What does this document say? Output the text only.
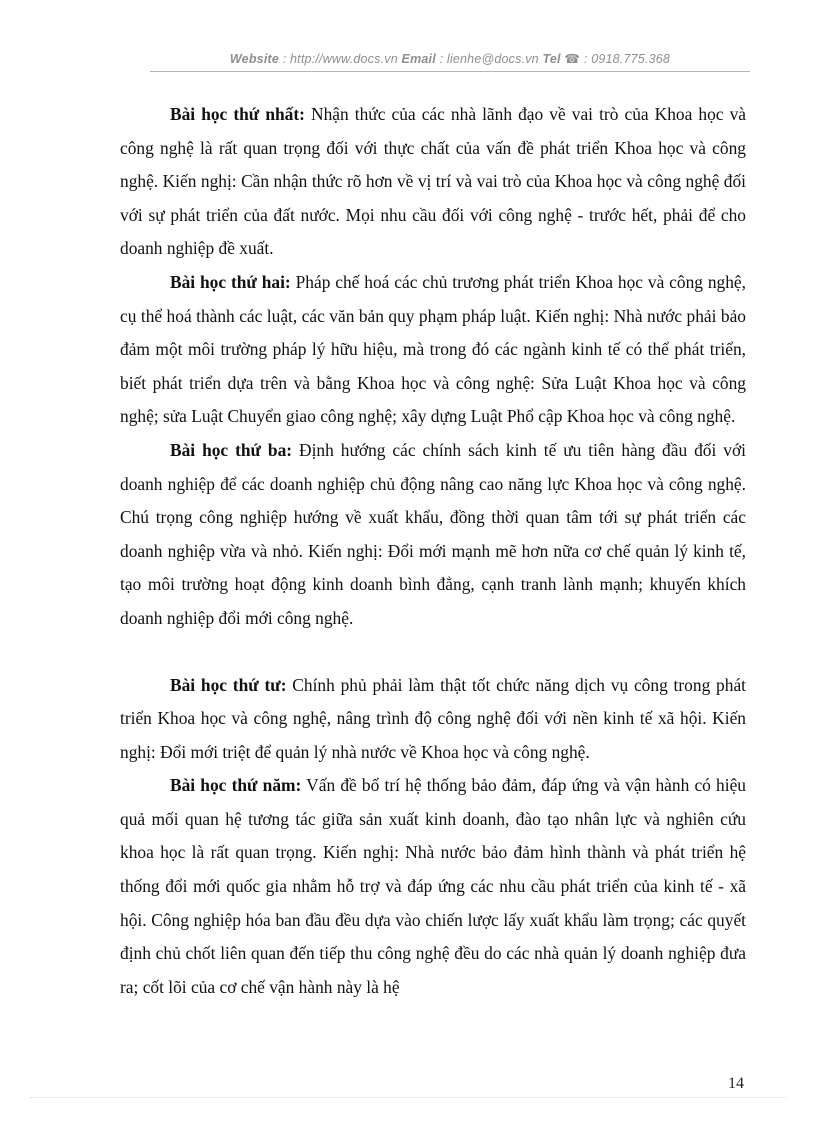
Website : http://www.docs.vn Email : lienhe@docs.vn Tel ☎ : 0918.775.368

Bài học thứ nhất: Nhận thức của các nhà lãnh đạo về vai trò của Khoa học và công nghệ là rất quan trọng đối với thực chất của vấn đề phát triển Khoa học và công nghệ. Kiến nghị: Cần nhận thức rõ hơn về vị trí và vai trò của Khoa học và công nghệ đối với sự phát triển của đất nước. Mọi nhu cầu đối với công nghệ - trước hết, phải để cho doanh nghiệp đề xuất.

Bài học thứ hai: Pháp chế hoá các chủ trương phát triển Khoa học và công nghệ, cụ thể hoá thành các luật, các văn bản quy phạm pháp luật. Kiến nghị: Nhà nước phải bảo đảm một môi trường pháp lý hữu hiệu, mà trong đó các ngành kinh tế có thể phát triển, biết phát triển dựa trên và bằng Khoa học và công nghệ: Sửa Luật Khoa học và công nghệ; sửa Luật Chuyển giao công nghệ; xây dựng Luật Phổ cập Khoa học và công nghệ.

Bài học thứ ba: Định hướng các chính sách kinh tế ưu tiên hàng đầu đối với doanh nghiệp để các doanh nghiệp chủ động nâng cao năng lực Khoa học và công nghệ. Chú trọng công nghiệp hướng về xuất khẩu, đồng thời quan tâm tới sự phát triển các doanh nghiệp vừa và nhỏ. Kiến nghị: Đổi mới mạnh mẽ hơn nữa cơ chế quản lý kinh tế, tạo môi trường hoạt động kinh doanh bình đẳng, cạnh tranh lành mạnh; khuyến khích doanh nghiệp đổi mới công nghệ.

Bài học thứ tư: Chính phủ phải làm thật tốt chức năng dịch vụ công trong phát triển Khoa học và công nghệ, nâng trình độ công nghệ đối với nền kinh tế xã hội. Kiến nghị: Đổi mới triệt để quản lý nhà nước về Khoa học và công nghệ.

Bài học thứ năm: Vấn đề bố trí hệ thống bảo đảm, đáp ứng và vận hành có hiệu quả mối quan hệ tương tác giữa sản xuất kinh doanh, đào tạo nhân lực và nghiên cứu khoa học là rất quan trọng. Kiến nghị: Nhà nước bảo đảm hình thành và phát triển hệ thống đổi mới quốc gia nhằm hỗ trợ và đáp ứng các nhu cầu phát triển của kinh tế - xã hội. Công nghiệp hóa ban đầu đều dựa vào chiến lược lấy xuất khẩu làm trọng; các quyết định chủ chốt liên quan đến tiếp thu công nghệ đều do các nhà quản lý doanh nghiệp đưa ra; cốt lõi của cơ chế vận hành này là hệ

14
